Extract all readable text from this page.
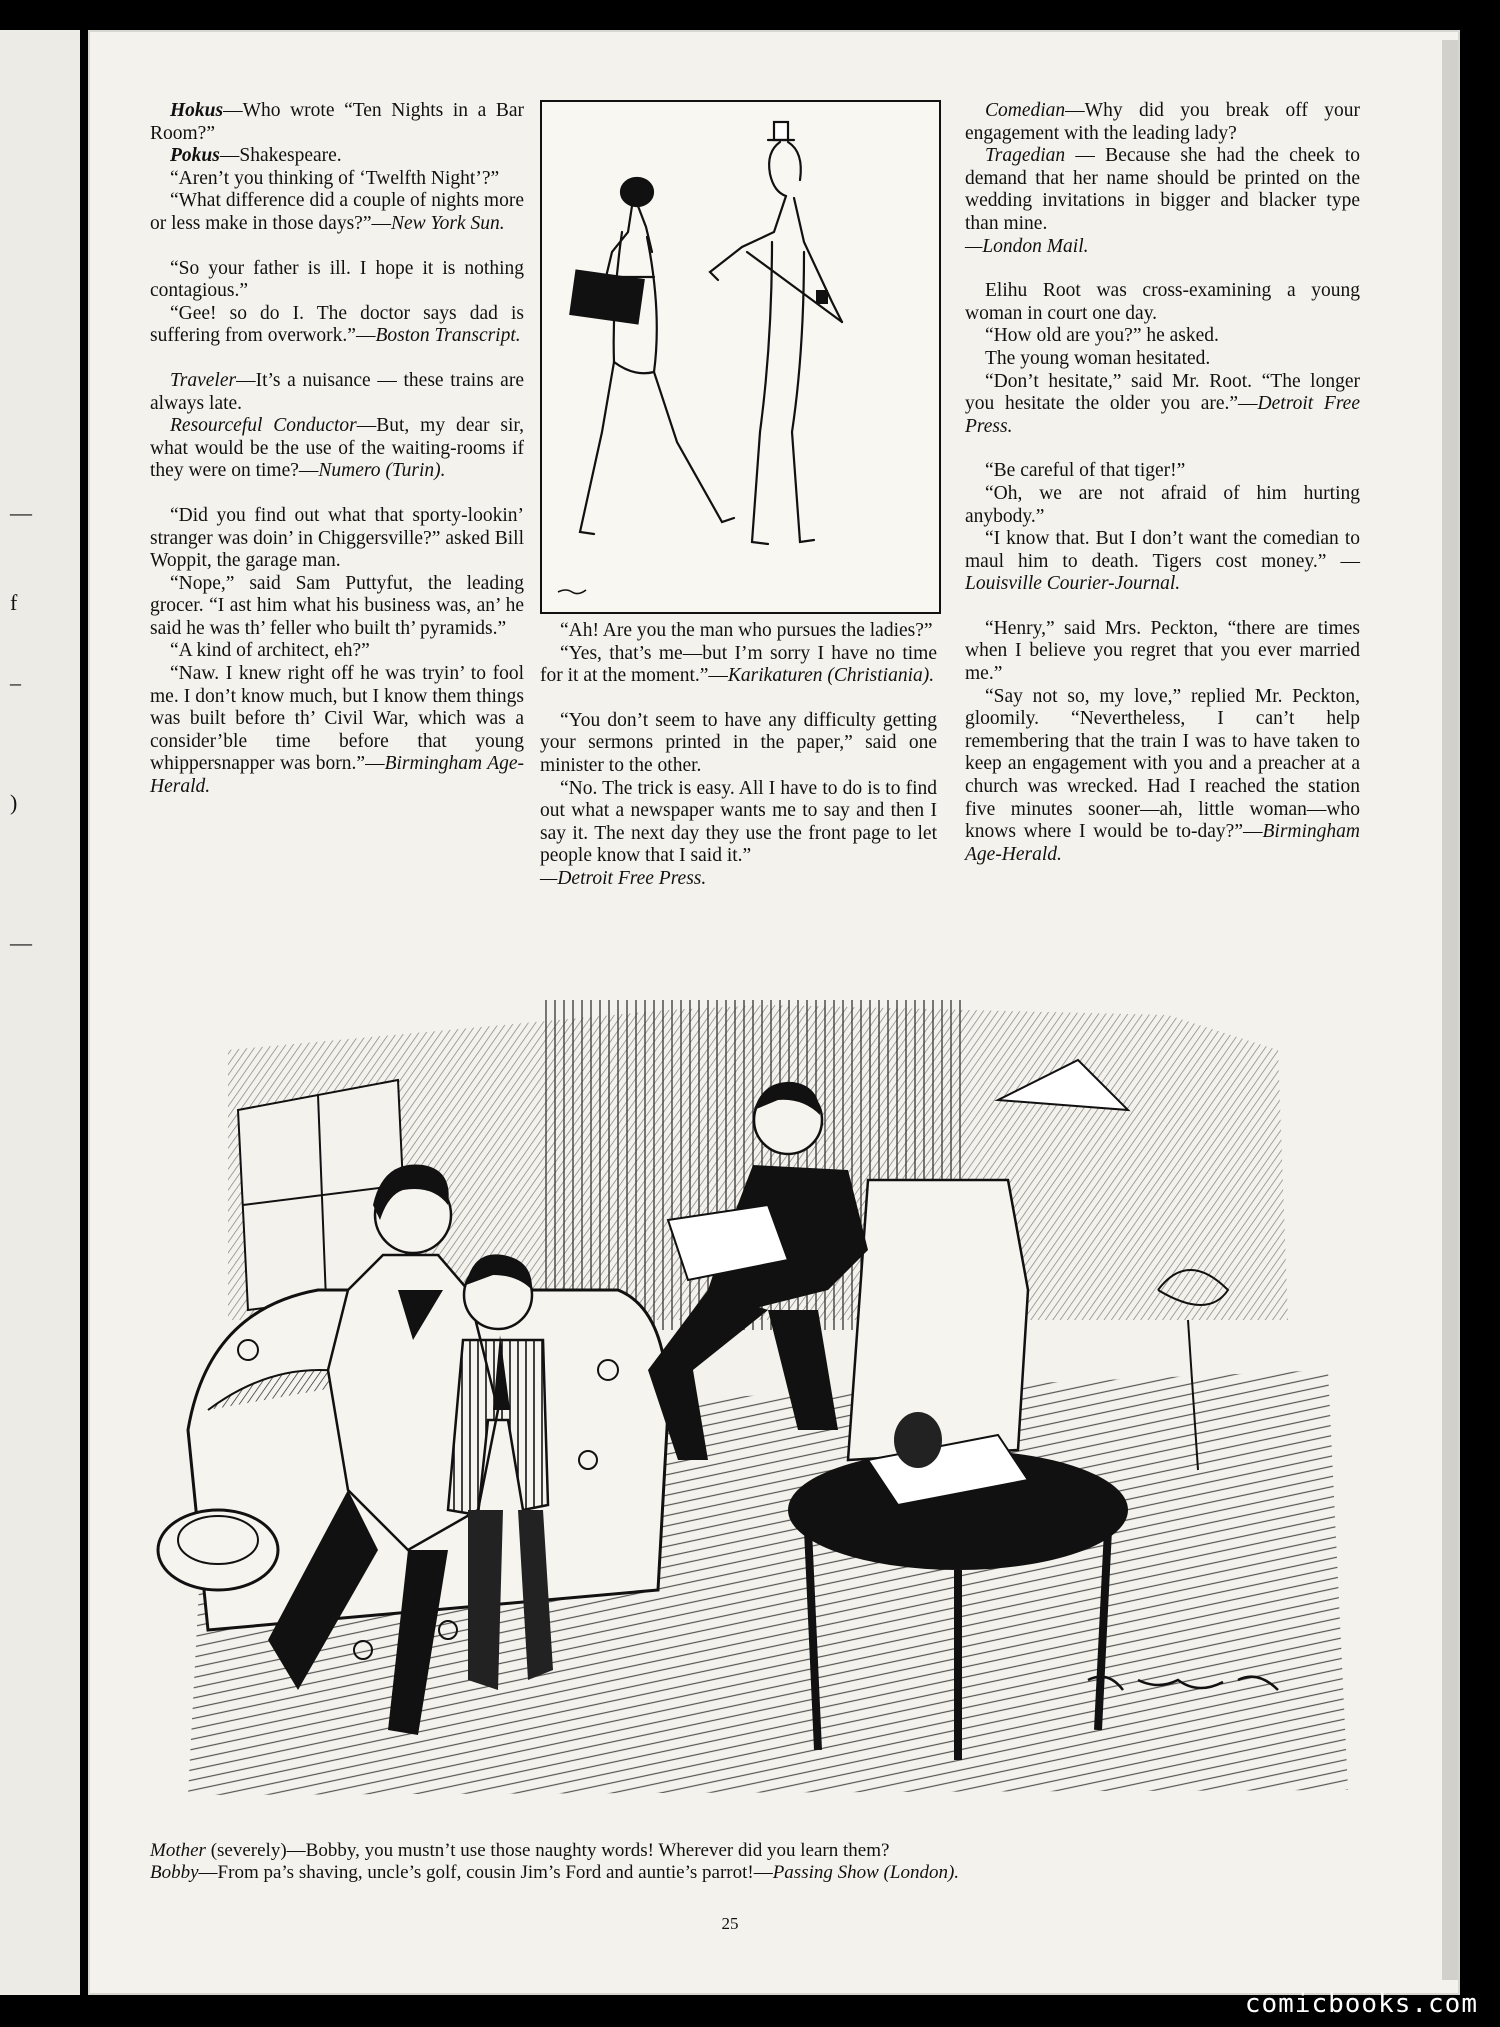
—
f
‒
)
—

Hokus—Who wrote “Ten Nights in a Bar Room?”

Pokus—Shakespeare.

“Aren’t you thinking of ‘Twelfth Night’?”

“What difference did a couple of nights more or less make in those days?”—New York Sun.

“So your father is ill. I hope it is nothing contagious.”

“Gee! so do I. The doctor says dad is suffering from overwork.”—Boston Transcript.

Traveler—It’s a nuisance — these trains are always late.

Resourceful Conductor—But, my dear sir, what would be the use of the waiting-rooms if they were on time?—Numero (Turin).

“Did you find out what that sporty-lookin’ stranger was doin’ in Chiggersville?” asked Bill Woppit, the garage man.

“Nope,” said Sam Puttyfut, the leading grocer. “I ast him what his business was, an’ he said he was th’ feller who built th’ pyramids.”

“A kind of architect, eh?”

“Naw. I knew right off he was tryin’ to fool me. I don’t know much, but I know them things was built before th’ Civil War, which was a consider’ble time before that young whippersnapper was born.”—Birmingham Age-Herald.

“Ah! Are you the man who pursues the ladies?”

“Yes, that’s me—but I’m sorry I have no time for it at the moment.”—Karikaturen (Christiania).

“You don’t seem to have any difficulty getting your sermons printed in the paper,” said one minister to the other.

“No. The trick is easy. All I have to do is to find out what a newspaper wants me to say and then I say it. The next day they use the front page to let people know that I said it.”

—Detroit Free Press.

Comedian—Why did you break off your engagement with the leading lady?

Tragedian — Because she had the cheek to demand that her name should be printed on the wedding invitations in bigger and blacker type than mine.

—London Mail.

Elihu Root was cross-examining a young woman in court one day.

“How old are you?” he asked.

The young woman hesitated.

“Don’t hesitate,” said Mr. Root. “The longer you hesitate the older you are.”—Detroit Free Press.

“Be careful of that tiger!”

“Oh, we are not afraid of him hurting anybody.”

“I know that. But I don’t want the comedian to maul him to death. Tigers cost money.” — Louisville Courier-Journal.

“Henry,” said Mrs. Peckton, “there are times when I believe you regret that you ever married me.”

“Say not so, my love,” replied Mr. Peckton, gloomily. “Nevertheless, I can’t help remembering that the train I was to have taken to keep an engagement with you and a preacher at a church was wrecked. Had I reached the station five minutes sooner—ah, little woman—who knows where I would be to-day?”—Birmingham Age-Herald.

Mother (severely)—Bobby, you mustn’t use those naughty words! Wherever did you learn them?

Bobby—From pa’s shaving, uncle’s golf, cousin Jim’s Ford and auntie’s parrot!—Passing Show (London).

25
comicbooks.com
